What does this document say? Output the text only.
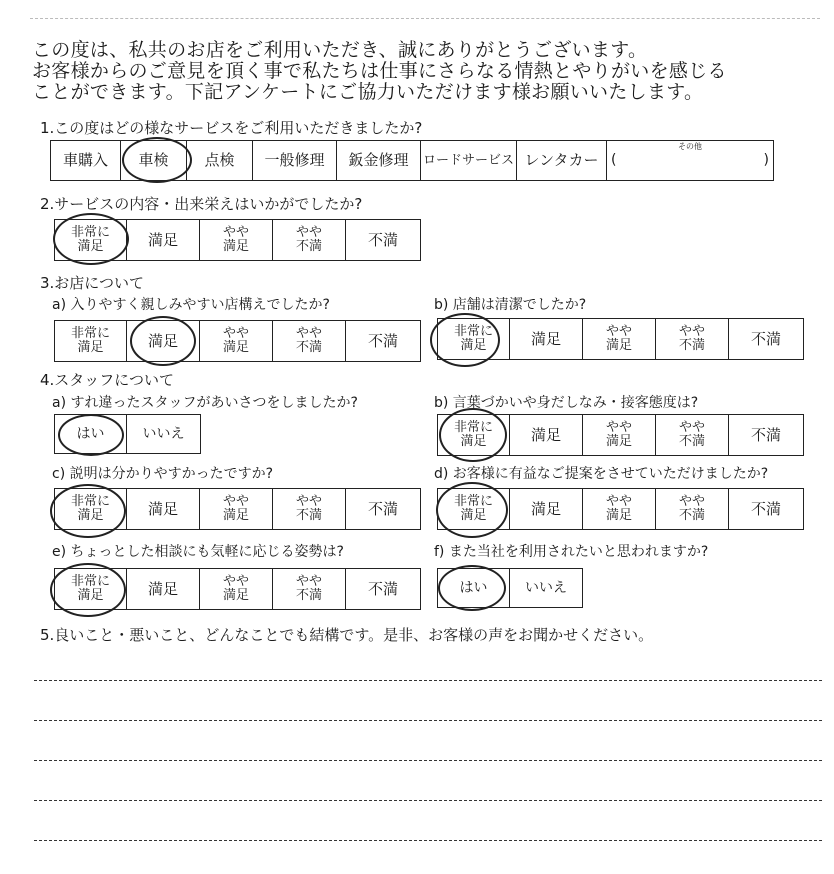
この度は、私共のお店をご利用いただき、誠にありがとうございます。
お客様からのご意見を頂く事で私たちは仕事にさらなる情熱とやりがいを感じる
ことができます。下記アンケートにご協力いただけます様お願いいたします。
1.この度はどの様なサービスをご利用いただきましたか?
車購入 車検 点検 一般修理 鈑金修理 ロードサービス レンタカー
その他
(	)
2.サービスの内容・出来栄えはいかがでしたか?
非常に
満足	満足	やや
満足
やや
不満	不満
3.お店について
a) 入りやすく親しみやすい店構えでしたか?
非常に
満足	満足	やや
満足
やや
不満	不満
b) 店舗は清潔でしたか?
非常に
満足	満足	やや
満足
やや
不満	不満
4.スタッフについて
a) すれ違ったスタッフがあいさつをしましたか?
はい	いいえ
b) 言葉づかいや身だしなみ・接客態度は?
非常に
満足	満足	やや
満足
やや
不満	不満
c) 説明は分かりやすかったですか?
非常に
満足	満足	やや
満足
やや
不満	不満
d) お客様に有益なご提案をさせていただけましたか?
非常に
満足	満足	やや
満足
やや
不満	不満
e) ちょっとした相談にも気軽に応じる姿勢は?
非常に
満足	満足	やや
満足
やや
不満	不満
f) また当社を利用されたいと思われますか?
はい	いいえ
5.良いこと・悪いこと、どんなことでも結構です。是非、お客様の声をお聞かせください。
